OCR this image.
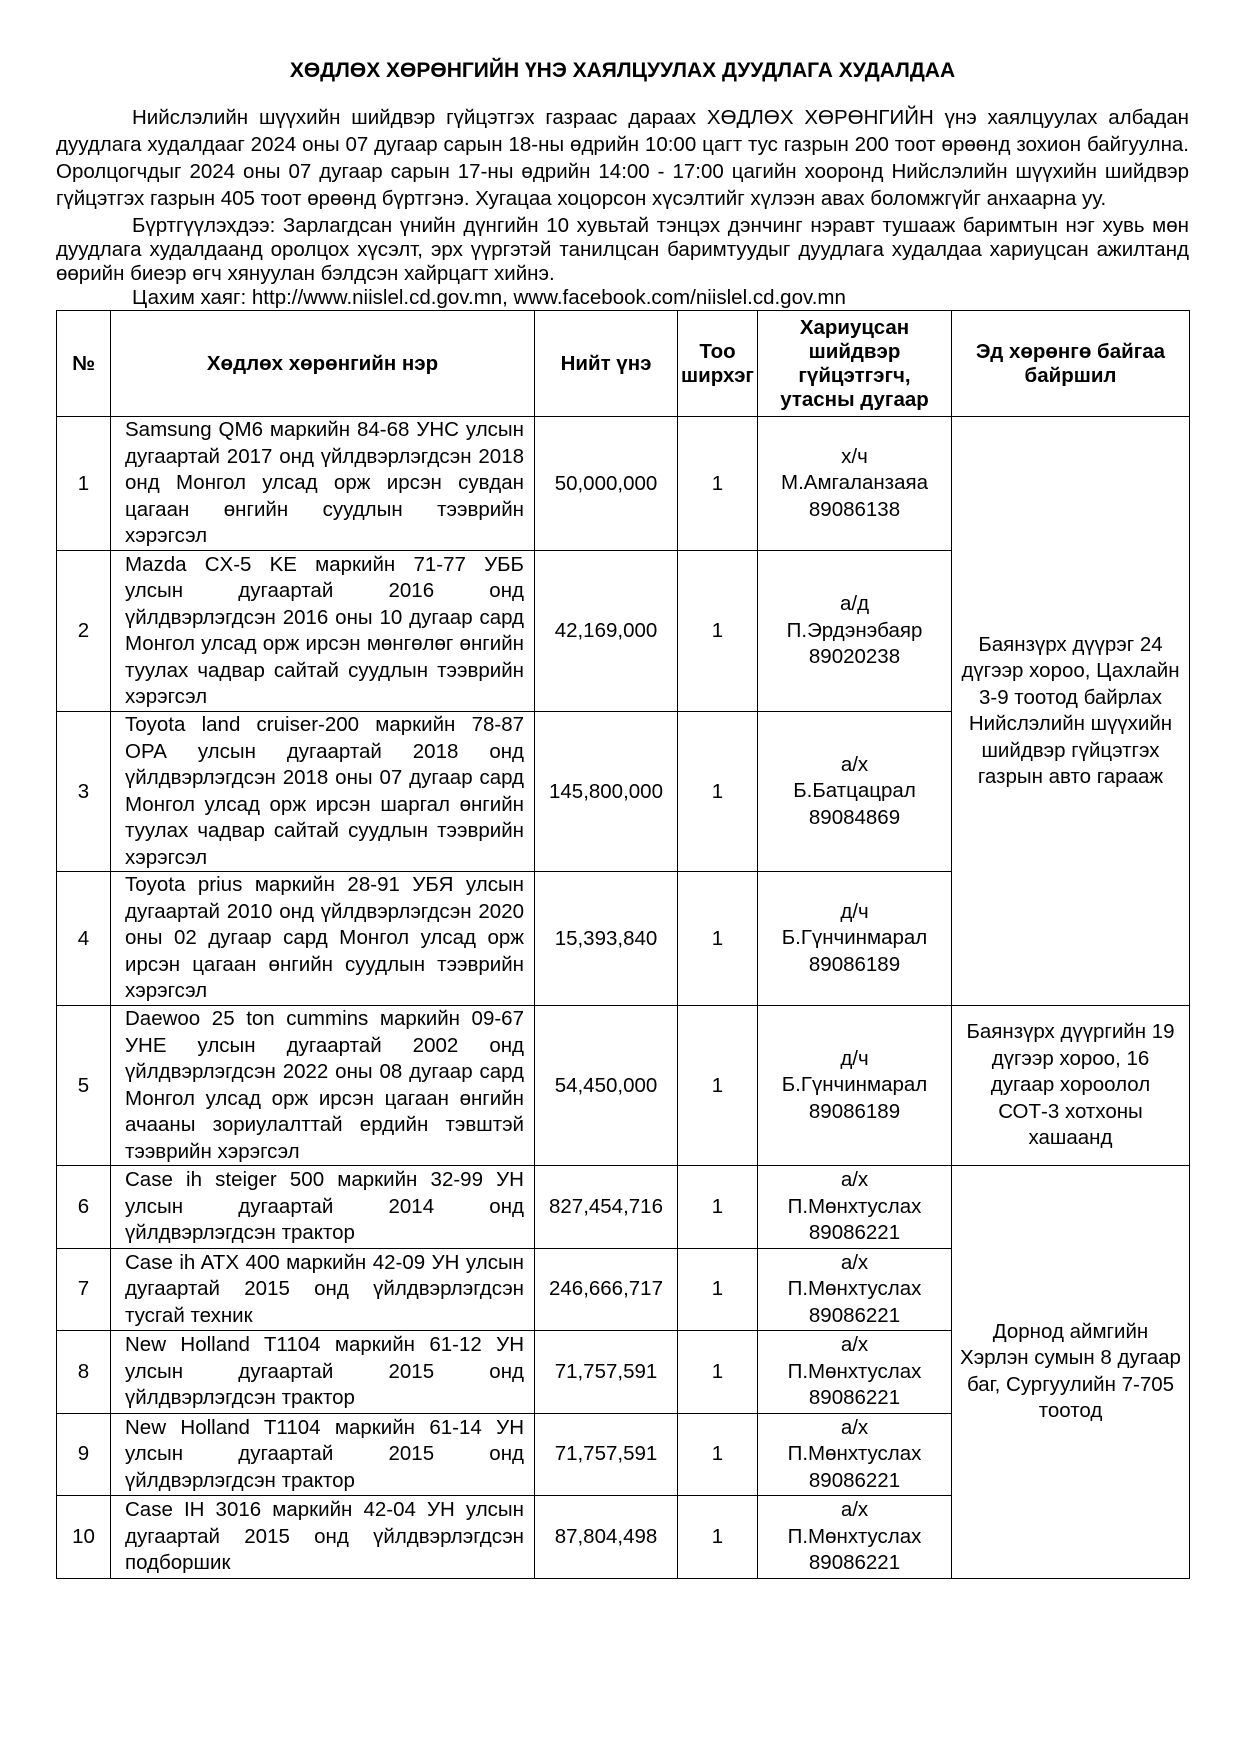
ХӨДЛӨХ ХӨРӨНГИЙН ҮНЭ ХАЯЛЦУУЛАХ ДУУДЛАГА ХУДАЛДАА

Нийслэлийн шүүхийн шийдвэр гүйцэтгэх газраас дараах ХӨДЛӨХ ХӨРӨНГИЙН үнэ хаялцуулах албадан дуудлага худалдааг 2024 оны 07 дугаар сарын 18-ны өдрийн 10:00 цагт тус газрын 200 тоот өрөөнд зохион байгуулна. Оролцогчдыг 2024 оны 07 дугаар сарын 17-ны өдрийн 14:00 - 17:00 цагийн хооронд Нийслэлийн шүүхийн шийдвэр гүйцэтгэх газрын 405 тоот өрөөнд бүртгэнэ. Хугацаа хоцорсон хүсэлтийг хүлээн авах боломжгүйг анхаарна уу.

Бүртгүүлэхдээ: Зарлагдсан үнийн дүнгийн 10 хувьтай тэнцэх дэнчинг нэравт тушааж баримтын нэг хувь мөн дуудлага худалдаанд оролцох хүсэлт, эрх үүргэтэй танилцсан баримтуудыг дуудлага худалдаа хариуцсан ажилтанд өөрийн биеэр өгч хянуулан бэлдсэн хайрцагт хийнэ.

Цахим хаяг: http://www.niislel.cd.gov.mn, www.facebook.com/niislel.cd.gov.mn

№	Хөдлөх хөрөнгийн нэр	Нийт үнэ	Тоо ширхэг	Хариуцсан шийдвэр гүйцэтгэгч, утасны дугаар	Эд хөрөнгө байгаа байршил
1	Samsung QM6 маркийн 84-68 УНС улсын дугаартай 2017 онд үйлдвэрлэгдсэн 2018 онд Монгол улсад орж ирсэн сувдан цагаан өнгийн суудлын тээврийн хэрэгсэл	50,000,000	1	х/ч
М.Амгаланзаяа
89086138	Баянзүрх дүүрэг 24 дүгээр хороо, Цахлайн 3-9 тоотод байрлах Нийслэлийн шүүхийн шийдвэр гүйцэтгэх газрын авто гараaж
2	Mazda CX-5 KE маркийн 71-77 УББ улсын дугаартай 2016 онд үйлдвэрлэгдсэн 2016 оны 10 дугаар сард Монгол улсад орж ирсэн мөнгөлөг өнгийн туулах чадвар сайтай суудлын тээврийн хэрэгсэл	42,169,000	1	а/д
П.Эрдэнэбаяр
89020238	

3	Toyota land cruiser-200 маркийн 78-87 ОРА улсын дугаартай 2018 онд үйлдвэрлэгдсэн 2018 оны 07 дугаар сард Монгол улсад орж ирсэн шаргал өнгийн туулах чадвар сайтай суудлын тээврийн хэрэгсэл	145,800,000	1	а/х
Б.Батцацрал
89084869	

4	Toyota prius маркийн 28-91 УБЯ улсын дугаартай 2010 онд үйлдвэрлэгдсэн 2020 оны 02 дугаар сард Монгол улсад орж ирсэн цагаан өнгийн суудлын тээврийн хэрэгсэл	15,393,840	1	д/ч
Б.Гүнчинмарал
89086189	

5	Daewoo 25 ton cummins маркийн 09-67 УНЕ улсын дугаартай 2002 онд үйлдвэрлэгдсэн 2022 оны 08 дугаар сард Монгол улсад орж ирсэн цагаан өнгийн ачааны зориулалттай ердийн тэвштэй тээврийн хэрэгсэл	54,450,000	1	д/ч
Б.Гүнчинмарал
89086189	Баянзүрх дүүргийн 19 дүгээр хороо, 16 дугаар хороолол СОТ-3 хотхоны хашаанд
6	Case ih steiger 500 маркийн 32-99 УН улсын дугаартай 2014 онд үйлдвэрлэгдсэн трактор	827,454,716	1	а/х
П.Мөнхтуслах
89086221	Дорнод аймгийн Хэрлэн сумын 8 дугаар баг, Сургуулийн 7-705 тоотод
7	Case ih ATX 400 маркийн 42-09 УН улсын дугаартай 2015 онд үйлдвэрлэгдсэн тусгай техник	246,666,717	1	а/х
П.Мөнхтуслах
89086221	

8	New Holland T1104 маркийн 61-12 УН улсын дугаартай 2015 онд үйлдвэрлэгдсэн трактор	71,757,591	1	а/х
П.Мөнхтуслах
89086221	

9	New Holland T1104 маркийн 61-14 УН улсын дугаартай 2015 онд үйлдвэрлэгдсэн трактор	71,757,591	1	а/х
П.Мөнхтуслах
89086221	

10	Case IH 3016 маркийн 42-04 УН улсын дугаартай 2015 онд үйлдвэрлэгдсэн подборшик	87,804,498	1	а/х
П.Мөнхтуслах
89086221	
